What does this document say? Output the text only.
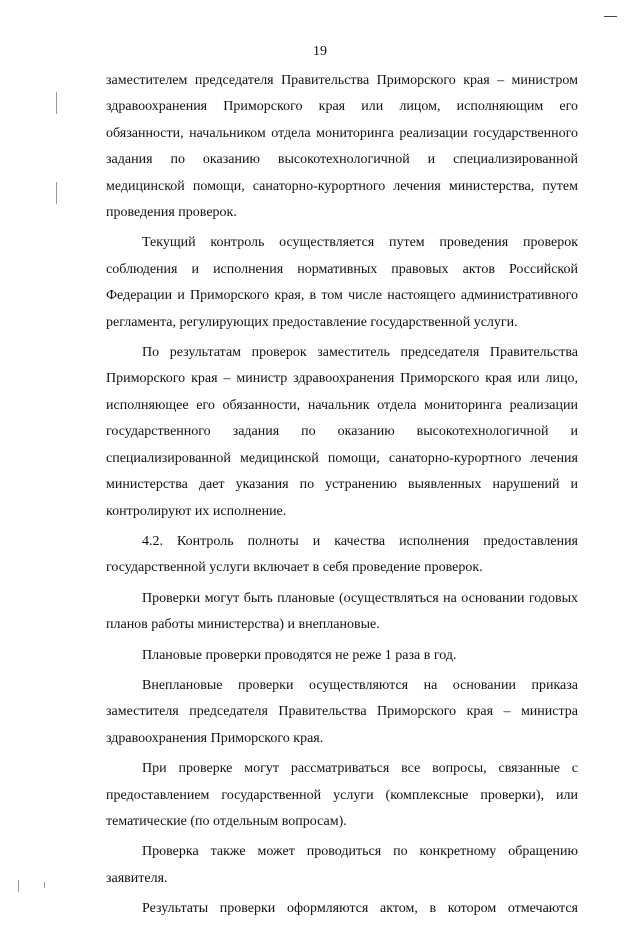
19

заместителем председателя Правительства Приморского края – министром здравоохранения Приморского края или лицом, исполняющим его обязанности, начальником отдела мониторинга реализации государственного задания по оказанию высокотехнологичной и специализированной медицинской помощи, санаторно-курортного лечения министерства, путем проведения проверок.

Текущий контроль осуществляется путем проведения проверок соблюдения и исполнения нормативных правовых актов Российской Федерации и Приморского края, в том числе настоящего административного регламента, регулирующих предоставление государственной услуги.

По результатам проверок заместитель председателя Правительства Приморского края – министр здравоохранения Приморского края или лицо, исполняющее его обязанности, начальник отдела мониторинга реализации государственного задания по оказанию высокотехнологичной и специализированной медицинской помощи, санаторно-курортного лечения министерства дает указания по устранению выявленных нарушений и контролируют их исполнение.

4.2. Контроль полноты и качества исполнения предоставления государственной услуги включает в себя проведение проверок.

Проверки могут быть плановые (осуществляться на основании годовых планов работы министерства) и внеплановые.

Плановые проверки проводятся не реже 1 раза в год.

Внеплановые проверки осуществляются на основании приказа заместителя председателя Правительства Приморского края – министра здравоохранения Приморского края.

При проверке могут рассматриваться все вопросы, связанные с предоставлением государственной услуги (комплексные проверки), или тематические (по отдельным вопросам).

Проверка также может проводиться по конкретному обращению заявителя.

Результаты проверки оформляются актом, в котором отмечаются
